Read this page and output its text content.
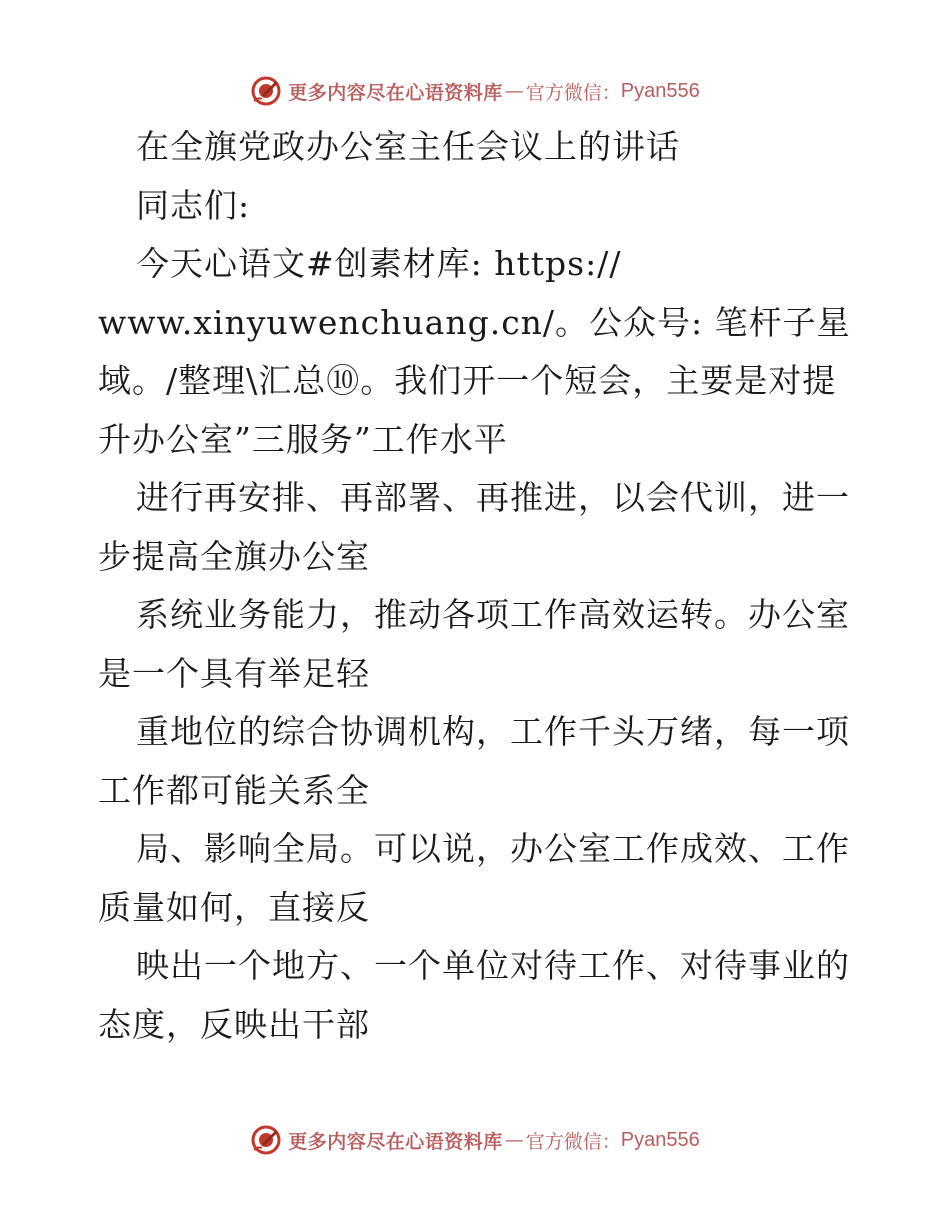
更多内容尽在心语资料库 — 官方微信： Pyan556

在全旗党政办公室主任会议上的讲话

同志们:

今天心语文#创素材库: https://

www.xinyuwenchuang.cn/。公众号: 笔杆子星

域。/整理\汇总⑩。我们开一个短会，主要是对提

升办公室”三服务”工作水平

进行再安排、再部署、再推进，以会代训，进一

步提高全旗办公室

系统业务能力，推动各项工作高效运转。办公室

是一个具有举足轻

重地位的综合协调机构，工作千头万绪，每一项

工作都可能关系全

局、影响全局。可以说，办公室工作成效、工作

质量如何，直接反

映出一个地方、一个单位对待工作、对待事业的

态度，反映出干部

更多内容尽在心语资料库 — 官方微信： Pyan556
